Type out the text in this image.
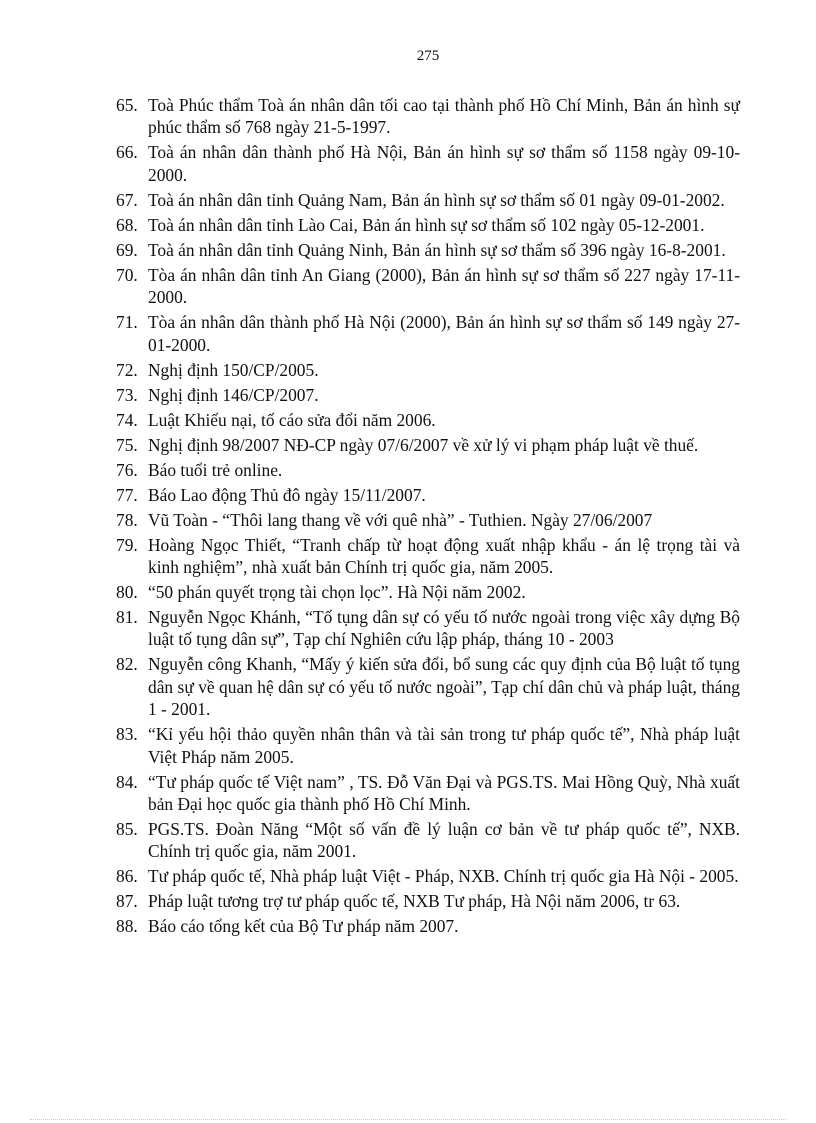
275
65. Toà Phúc thẩm Toà án nhân dân tối cao tại thành phố Hồ Chí Minh, Bản án hình sự phúc thẩm số 768 ngày 21-5-1997.
66. Toà án nhân dân thành phố Hà Nội, Bản án hình sự sơ thẩm số 1158 ngày 09-10-2000.
67. Toà án nhân dân tỉnh Quảng Nam, Bản án hình sự sơ thẩm số 01 ngày 09-01-2002.
68. Toà án nhân dân tỉnh Lào Cai, Bản án hình sự sơ thẩm số 102 ngày 05-12-2001.
69. Toà án nhân dân tỉnh Quảng Ninh, Bản án hình sự sơ thẩm số 396 ngày 16-8-2001.
70. Tòa án nhân dân tỉnh An Giang (2000), Bản án hình sự sơ thẩm số 227 ngày 17-11-2000.
71. Tòa án nhân dân thành phố Hà Nội (2000), Bản án hình sự sơ thẩm số 149 ngày 27-01-2000.
72. Nghị định 150/CP/2005.
73. Nghị định 146/CP/2007.
74. Luật Khiếu nại, tố cáo sửa đổi năm 2006.
75. Nghị định 98/2007 NĐ-CP ngày 07/6/2007 về xử lý vi phạm pháp luật về thuế.
76. Báo tuổi trẻ online.
77. Báo Lao động Thủ đô ngày 15/11/2007.
78. Vũ Toàn - “Thôi lang thang về với quê nhà” - Tuthien. Ngày 27/06/2007
79. Hoàng Ngọc Thiết, “Tranh chấp từ hoạt động xuất nhập khẩu - án lệ trọng tài và kinh nghiệm”, nhà xuất bản Chính trị quốc gia, năm 2005.
80. “50 phán quyết trọng tài chọn lọc”. Hà Nội năm 2002.
81. Nguyễn Ngọc Khánh, “Tố tụng dân sự có yếu tố nước ngoài trong việc xây dựng Bộ luật tố tụng dân sự”, Tạp chí Nghiên cứu lập pháp, tháng 10 - 2003
82. Nguyễn công Khanh, “Mấy ý kiến sửa đổi, bổ sung các quy định của Bộ luật tố tụng dân sự về quan hệ dân sự có yếu tố nước ngoài”, Tạp chí dân chủ và pháp luật, tháng 1 - 2001.
83. “Kỉ yếu hội thảo quyền nhân thân và tài sản trong tư pháp quốc tế”, Nhà pháp luật Việt Pháp năm 2005.
84. “Tư pháp quốc tế Việt nam” , TS. Đỗ Văn Đại và PGS.TS. Mai Hồng Quỳ, Nhà xuất bản Đại học quốc gia thành phố Hồ Chí Minh.
85. PGS.TS. Đoàn Năng “Một số vấn đề lý luận cơ bản về tư pháp quốc tế”, NXB. Chính trị quốc gia, năm 2001.
86. Tư pháp quốc tế, Nhà pháp luật Việt - Pháp, NXB. Chính trị quốc gia Hà Nội - 2005.
87. Pháp luật tương trợ tư pháp quốc tế, NXB Tư pháp, Hà Nội năm 2006, tr 63.
88. Báo cáo tổng kết của Bộ Tư pháp năm 2007.
